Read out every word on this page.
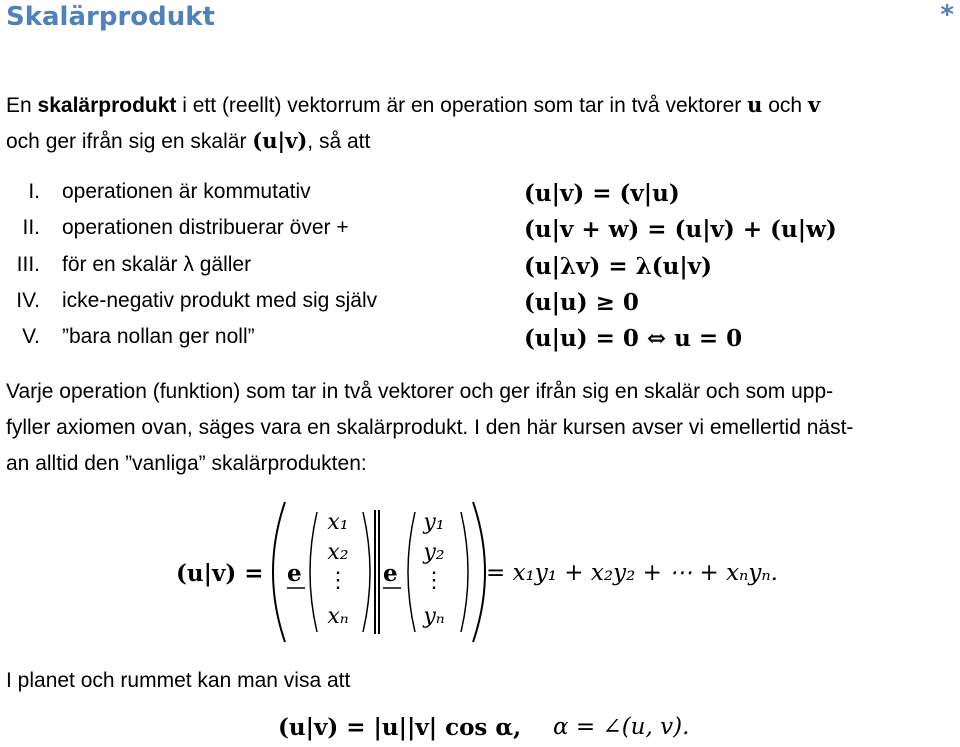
Skalärprodukt	*
En skalärprodukt i ett (reellt) vektorrum är en operation som tar in två vektorer u och v
och ger ifrån sig en skalär (u|v), så att
I. operationen är kommutativ	(u|v) = (v|u)
II. operationen distribuerar över +	(u|v + w) = (u|v) + (u|w)
III. för en skalär λ gäller	(u|λv) = λ(u|v)
IV. icke-negativ produkt med sig själv	(u|u) ≥ 0
V. ”bara nollan ger noll”	(u|u) = 0 ⇔ u = 0
Varje operation (funktion) som tar in två vektorer och ger ifrån sig en skalär och som upp-
fyller axiomen ovan, säges vara en skalärprodukt. I den här kursen avser vi emellertid näst-
an alltid den ”vanliga” skalärprodukten:
(u|v) = e	e
x₁
x₂
⋮
xₙ
y₁
y₂
⋮
yₙ
= x₁y₁ + x₂y₂ + ⋯ + xₙyₙ.
I planet och rummet kan man visa att
(u|v) = |u||v| cos α, α = ∠(u, v).
